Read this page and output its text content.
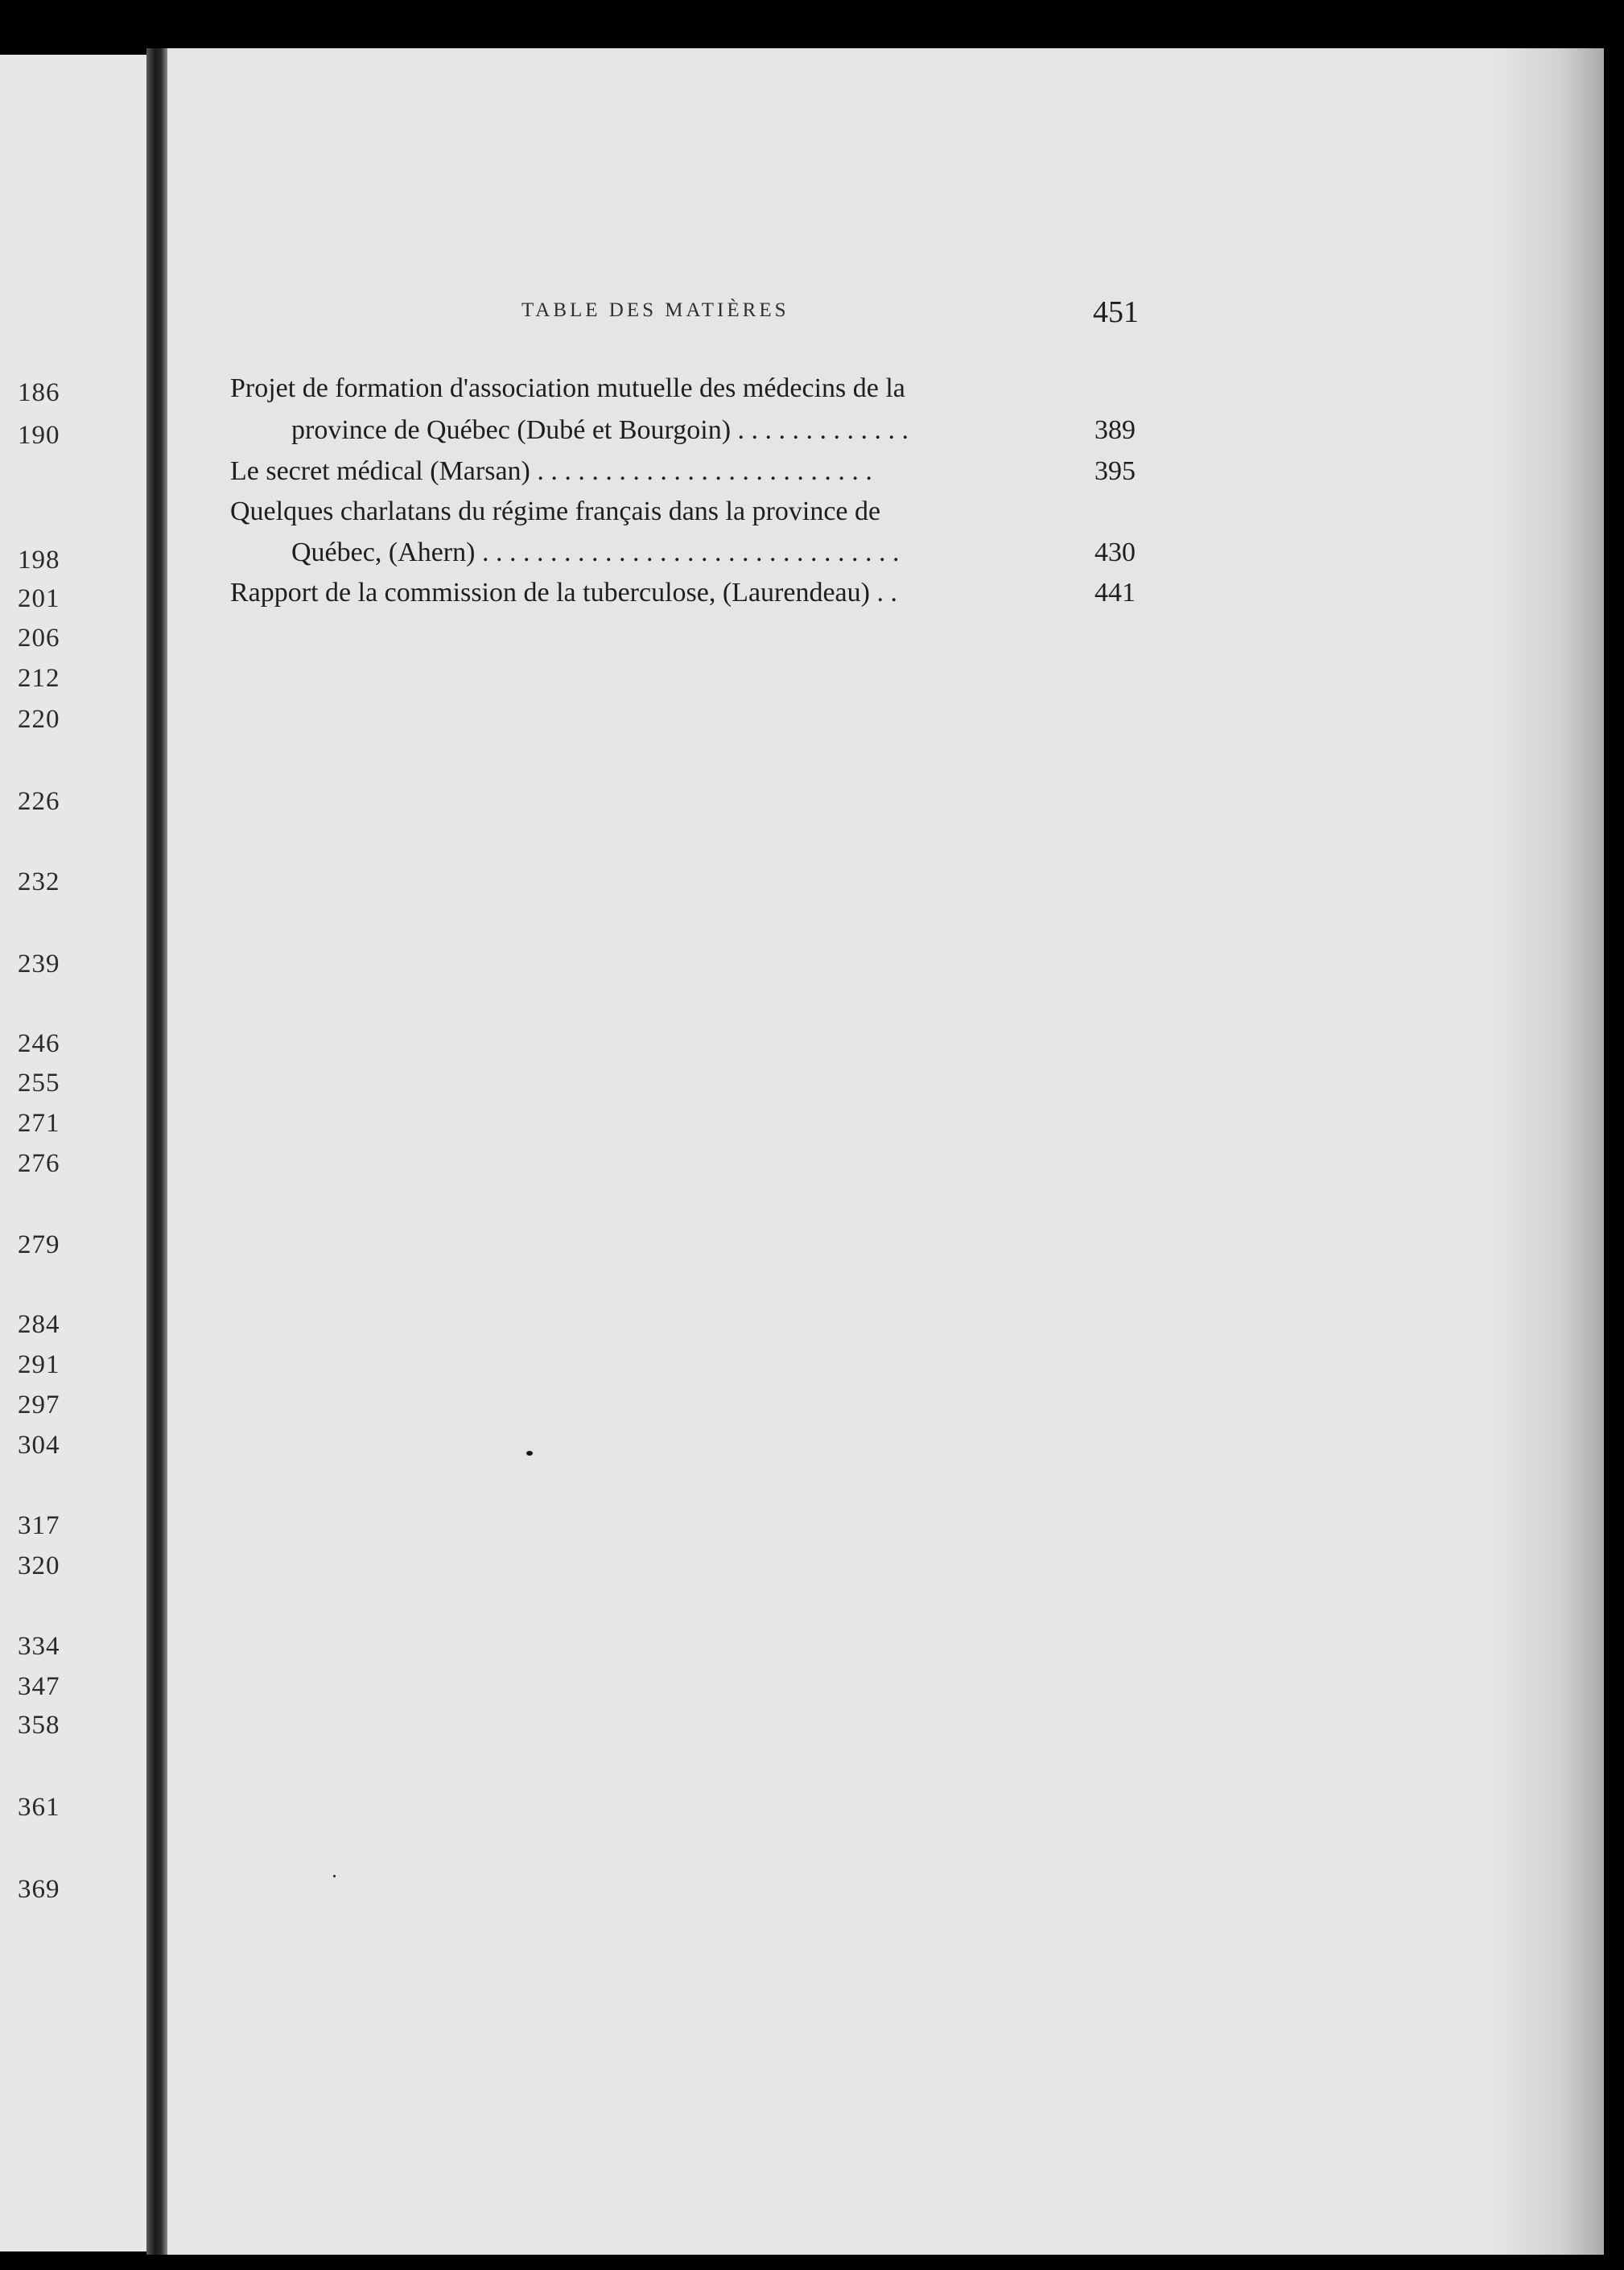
186
190
198
201
206
212
220
226
232
239
246
255
271
276
279
284
291
297
304
317
320
334
347
358
361
369
TABLE DES MATIÈRES	451
Projet de formation d'association mutuelle des médecins de la
province de Québec (Dubé et Bourgoin) . . . . . . . . . . . . .	389
Le secret médical (Marsan) . . . . . . . . . . . . . . . . . . . . . . . . .	395
Quelques charlatans du régime français dans la province de
Québec, (Ahern) . . . . . . . . . . . . . . . . . . . . . . . . . . . . . . .	430
Rapport de la commission de la tuberculose, (Laurendeau) . .	441
